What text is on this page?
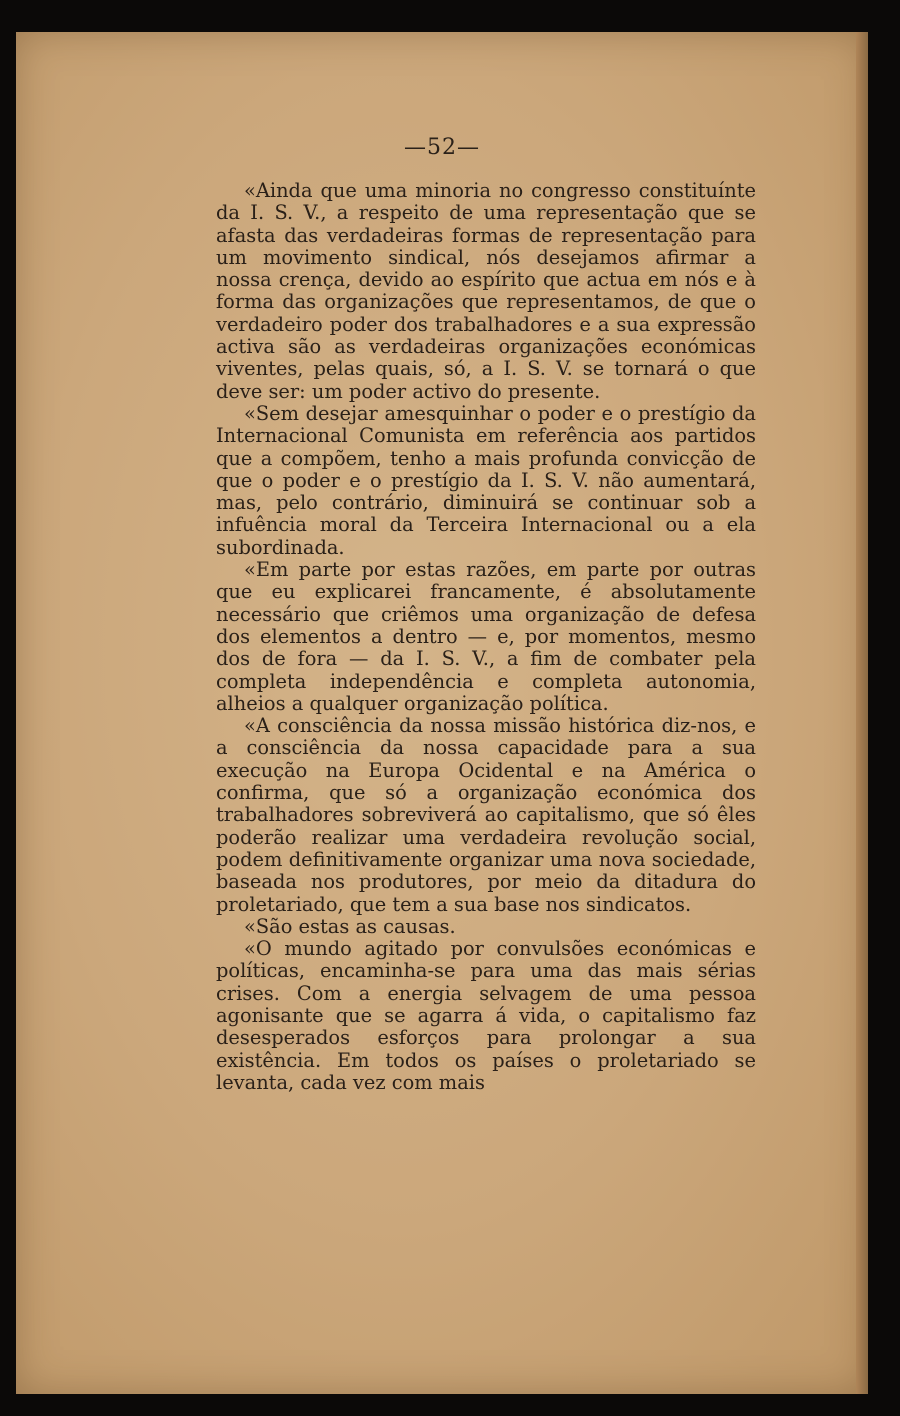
—52—

«Ainda que uma minoria no congresso constituínte da I. S. V., a respeito de uma representação que se afasta das verdadeiras formas de representação para um movimento sindical, nós desejamos afirmar a nossa crença, devido ao espírito que actua em nós e à forma das organizações que representamos, de que o verdadeiro poder dos trabalhadores e a sua expressão activa são as verdadeiras organizações económicas viventes, pelas quais, só, a I. S. V. se tornará o que deve ser: um poder activo do presente.

«Sem desejar amesquinhar o poder e o prestígio da Internacional Comunista em referência aos partidos que a compõem, tenho a mais profunda convicção de que o poder e o prestígio da I. S. V. não aumentará, mas, pelo contrário, diminuirá se continuar sob a infuência moral da Terceira Internacional ou a ela subordinada.

«Em parte por estas razões, em parte por outras que eu explicarei francamente, é absolutamente necessário que criêmos uma organização de defesa dos elementos a dentro — e, por momentos, mesmo dos de fora — da I. S. V., a fim de combater pela completa independência e completa autonomia, alheios a qualquer organização política.

«A consciência da nossa missão histórica diz-nos, e a consciência da nossa capacidade para a sua execução na Europa Ocidental e na América o confirma, que só a organização económica dos trabalhadores sobreviverá ao capitalismo, que só êles poderão realizar uma verdadeira revolução social, podem definitivamente organizar uma nova sociedade, baseada nos produtores, por meio da ditadura do proletariado, que tem a sua base nos sindicatos.

«São estas as causas.

«O mundo agitado por convulsões económicas e políticas, encaminha-se para uma das mais sérias crises. Com a energia selvagem de uma pessoa agonisante que se agarra á vida, o capitalismo faz desesperados esforços para prolongar a sua existência. Em todos os países o proletariado se levanta, cada vez com mais
